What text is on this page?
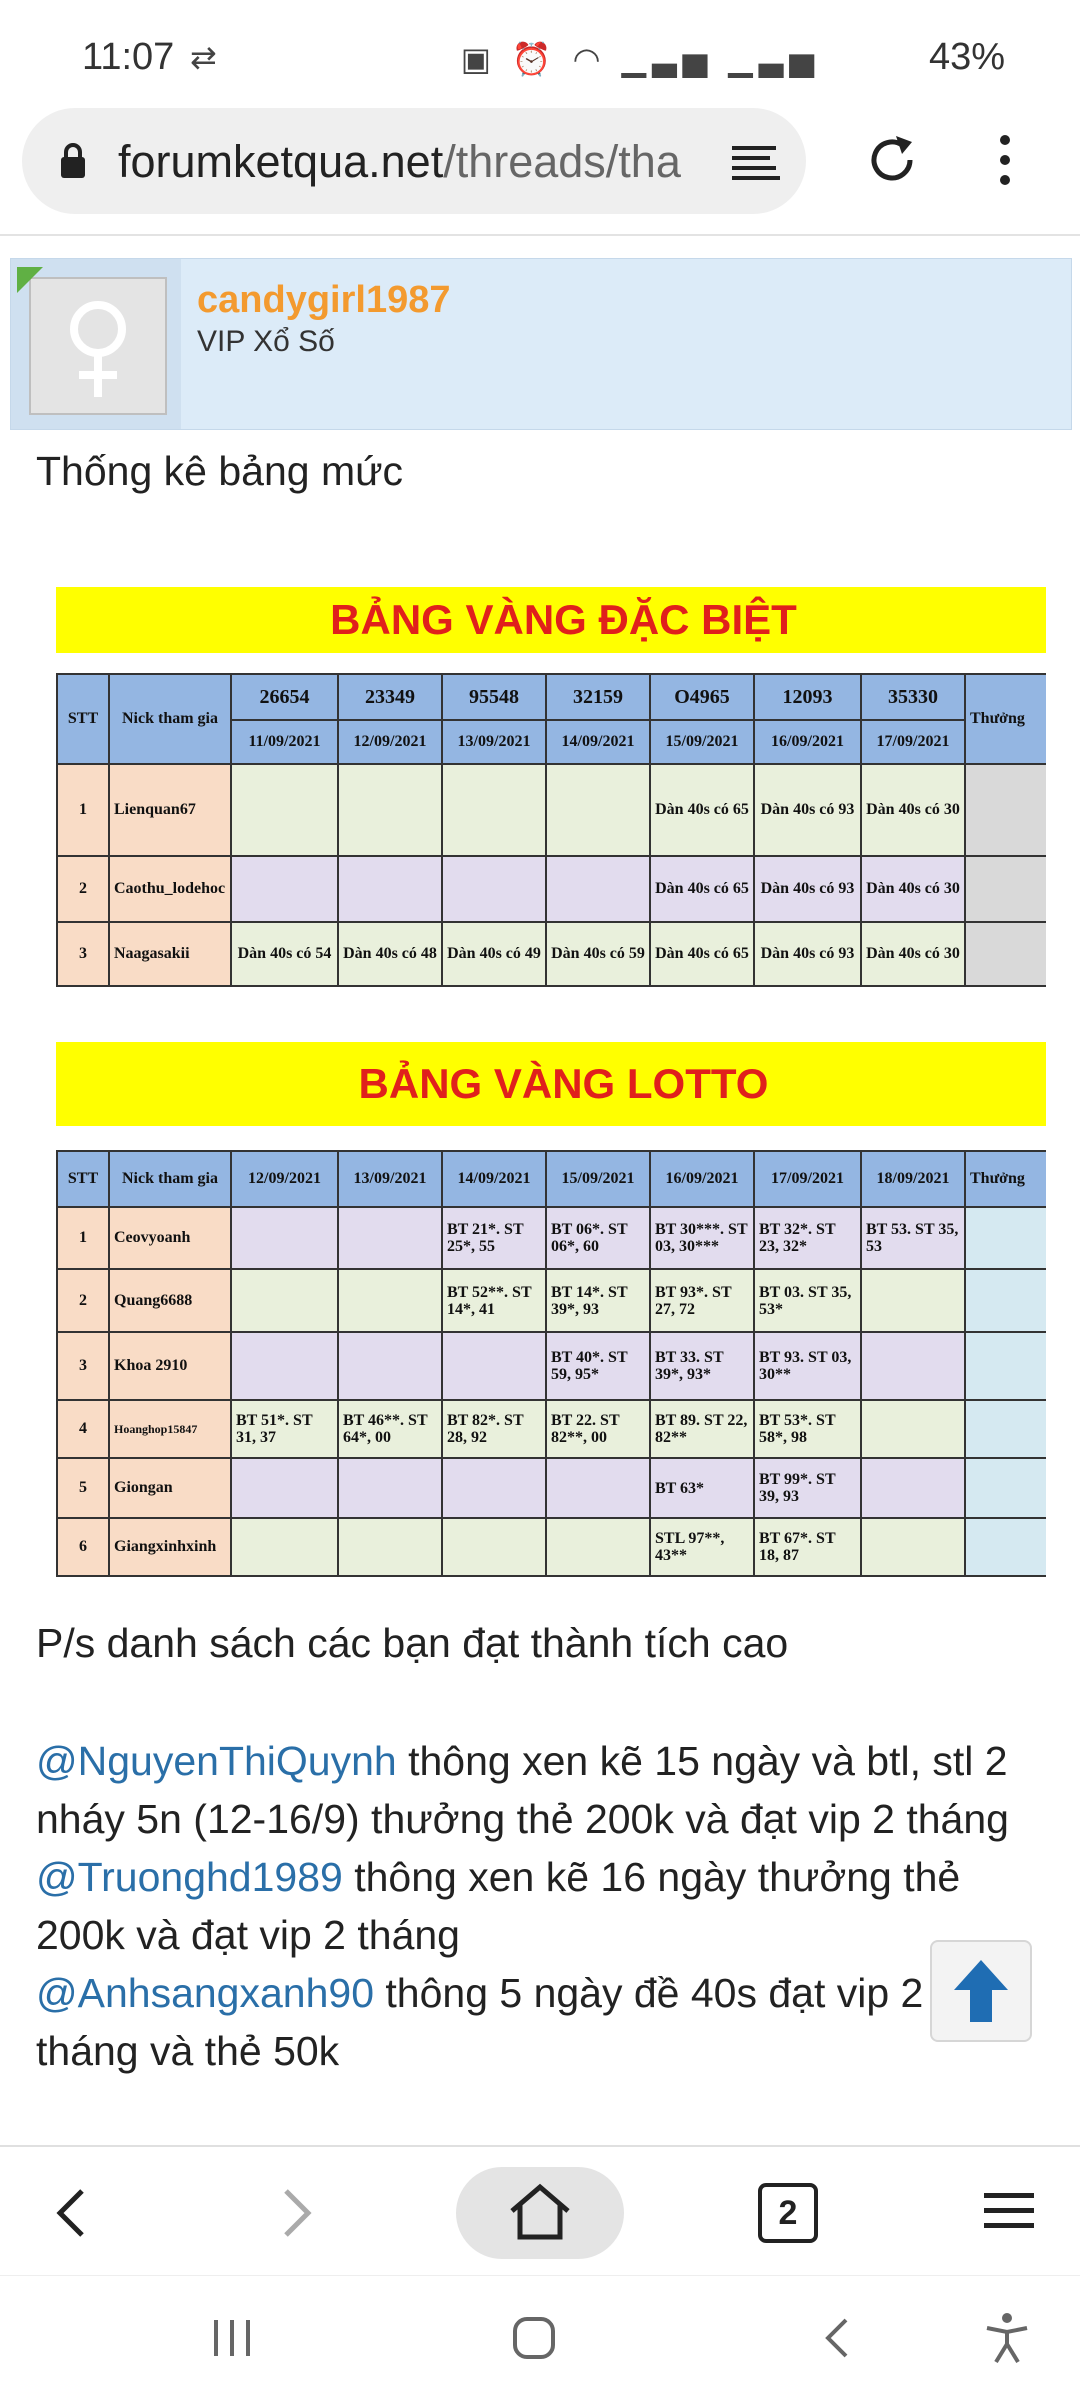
11:07 ⇄	▣ ⏰ ◠ ▁▃▅ ▁▃▅	43%
forumketqua.net/threads/tha
candygirl1987
VIP Xổ Số
Thống kê bảng mức
BẢNG VÀNG ĐẶC BIỆT
STT	Nick tham gia	26654	23349	95548	32159	O4965	12093	35330	Thưởng
		11/09/2021	12/09/2021	13/09/2021	14/09/2021	15/09/2021	16/09/2021	17/09/2021	
1	Lienquan67					Dàn 40s có 65	Dàn 40s có 93	Dàn 40s có 30	
2	Caothu_lodehoc					Dàn 40s có 65	Dàn 40s có 93	Dàn 40s có 30	
3	Naagasakii	Dàn 40s có 54	Dàn 40s có 48	Dàn 40s có 49	Dàn 40s có 59	Dàn 40s có 65	Dàn 40s có 93	Dàn 40s có 30	
BẢNG VÀNG LOTTO
STT	Nick tham gia	12/09/2021	13/09/2021	14/09/2021	15/09/2021	16/09/2021	17/09/2021	18/09/2021	Thưởng
1	Ceovyoanh			BT 21*. ST 25*, 55	BT 06*. ST 06*, 60	BT 30***. ST 03, 30***	BT 32*. ST 23, 32*	BT 53. ST 35, 53	
2	Quang6688			BT 52**. ST 14*, 41	BT 14*. ST 39*, 93	BT 93*. ST 27, 72	BT 03. ST 35, 53*		
3	Khoa 2910				BT 40*. ST 59, 95*	BT 33. ST 39*, 93*	BT 93. ST 03, 30**		
4	Hoanghop15847	BT 51*. ST 31, 37	BT 46**. ST 64*, 00	BT 82*. ST 28, 92	BT 22. ST 82**, 00	BT 89. ST 22, 82**	BT 53*. ST 58*, 98		
5	Giongan					BT 63*	BT 99*. ST 39, 93		
6	Giangxinhxinh					STL 97**, 43**	BT 67*. ST 18, 87		
P/s danh sách các bạn đạt thành tích cao
@NguyenThiQuynh thông xen kẽ 15 ngày và btl, stl 2
nháy 5n (12-16/9) thưởng thẻ 200k và đạt vip 2 tháng
@Truonghd1989 thông xen kẽ 16 ngày thưởng thẻ
200k và đạt vip 2 tháng
@Anhsangxanh90 thông 5 ngày đề 40s đạt vip 2
tháng và thẻ 50k
2
